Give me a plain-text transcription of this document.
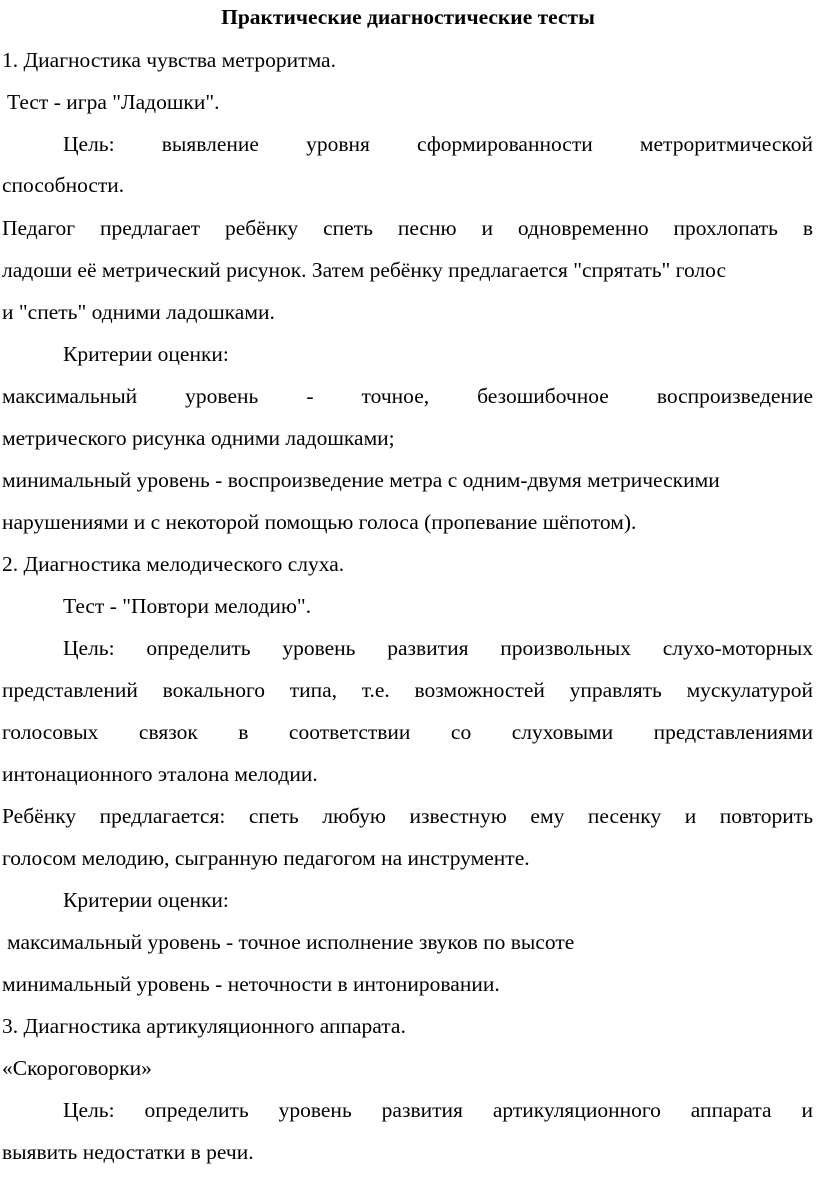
Практические диагностические тесты
1. Диагностика чувства метроритма.
Тест - игра "Ладошки".
Цель: выявление уровня сформированности метроритмической
способности.
Педагог предлагает ребёнку спеть песню и одновременно прохлопать в
ладоши её метрический рисунок. Затем ребёнку предлагается "спрятать" голос
и "спеть" одними ладошками.
Критерии оценки:
максимальный уровень - точное, безошибочное воспроизведение
метрического рисунка одними ладошками;
минимальный уровень - воспроизведение метра с одним-двумя метрическими
нарушениями и с некоторой помощью голоса (пропевание шёпотом).
2. Диагностика мелодического слуха.
Тест - "Повтори мелодию".
Цель: определить уровень развития произвольных слухо-моторных
представлений вокального типа, т.е. возможностей управлять мускулатурой
голосовых связок в соответствии со слуховыми представлениями
интонационного эталона мелодии.
Ребёнку предлагается: спеть любую известную ему песенку и повторить
голосом мелодию, сыгранную педагогом на инструменте.
Критерии оценки:
максимальный уровень - точное исполнение звуков по высоте
минимальный уровень - неточности в интонировании.
3. Диагностика артикуляционного аппарата.
«Скороговорки»
Цель: определить уровень развития артикуляционного аппарата и
выявить недостатки в речи.
